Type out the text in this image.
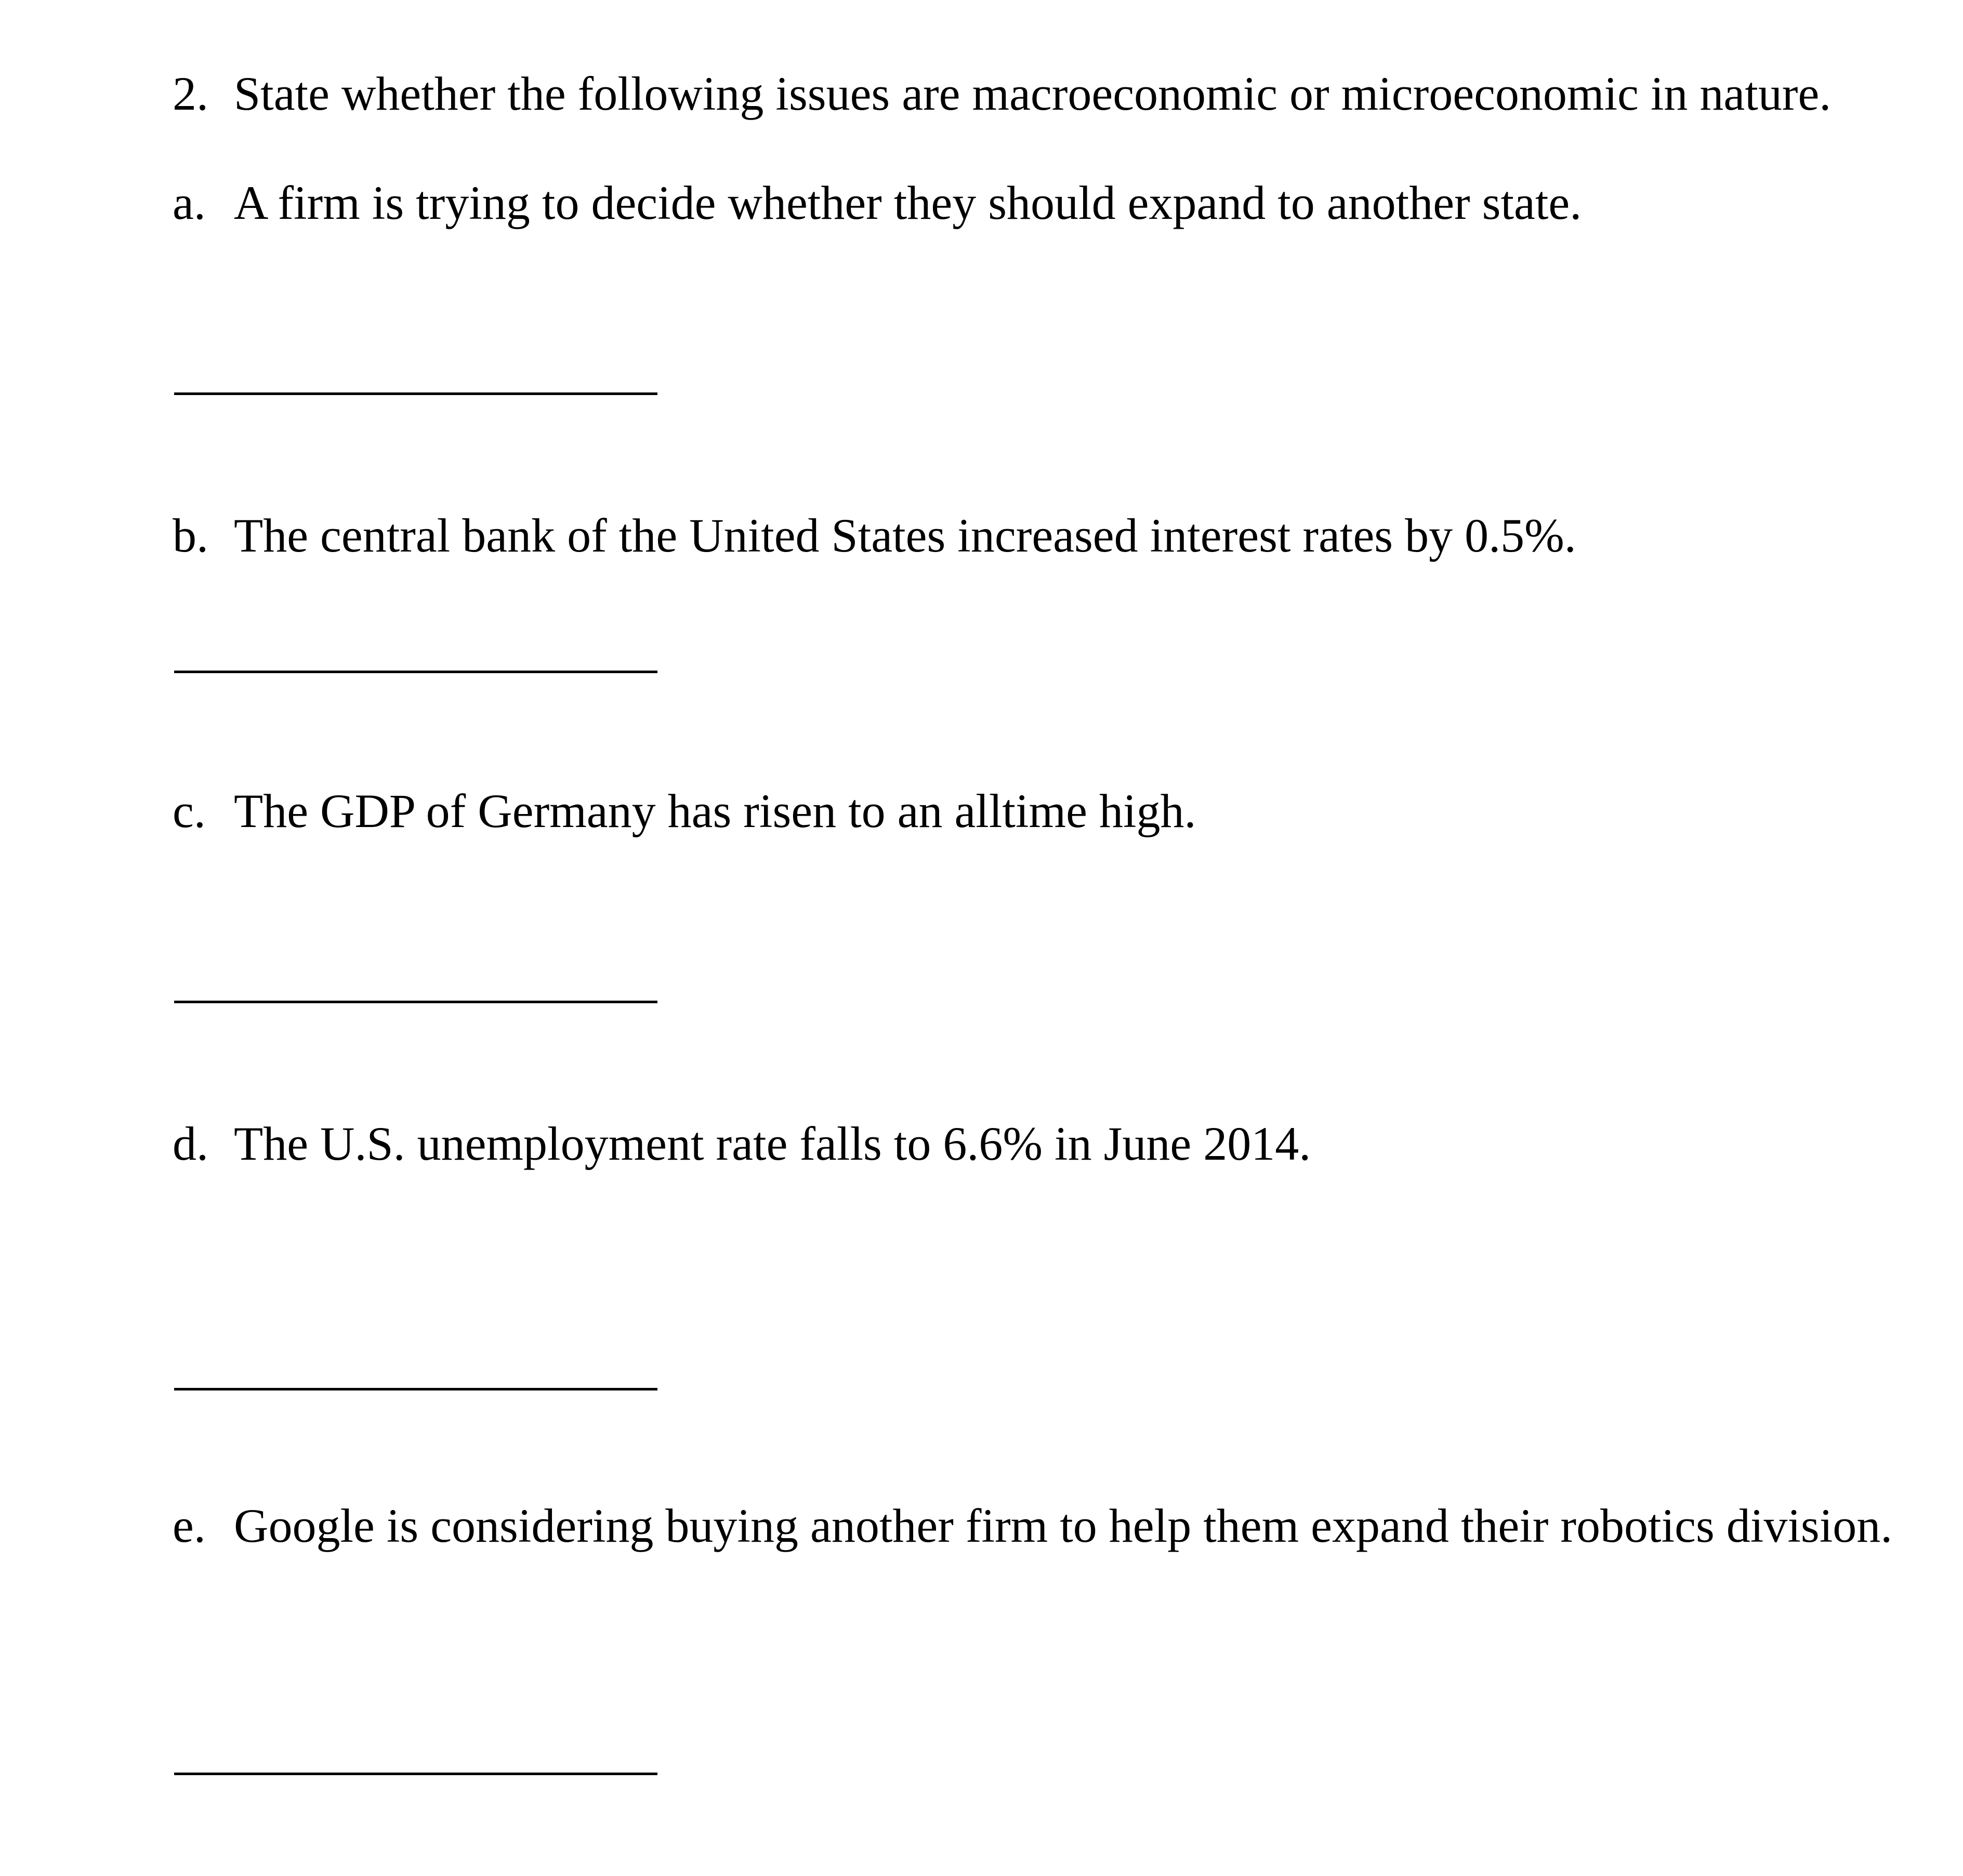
2. State whether the following issues are macroeconomic or microeconomic in nature.
a. A firm is trying to decide whether they should expand to another state.
b. The central bank of the United States increased interest rates by 0.5%.
c. The GDP of Germany has risen to an alltime high.
d. The U.S. unemployment rate falls to 6.6% in June 2014.
e. Google is considering buying another firm to help them expand their robotics division.
